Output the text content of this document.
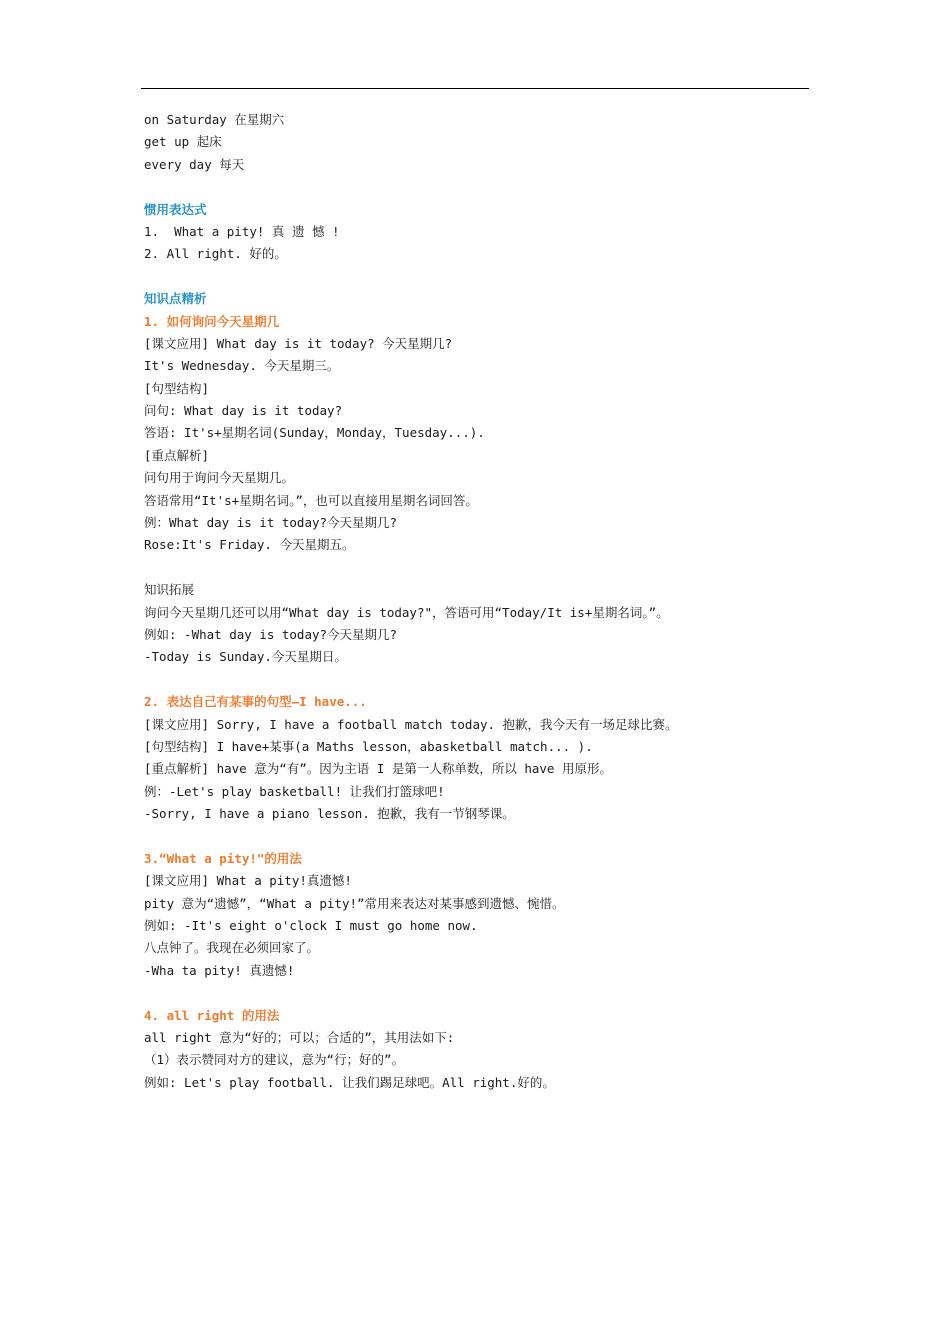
on Saturday 在星期六
get up 起床
every day 每天
惯用表达式
1.  What a pity! 真 遗 憾 !
2. All right. 好的。
知识点精析
1. 如何询问今天星期几
[课文应用] What day is it today? 今天星期几?
It's Wednesday. 今天星期三。
[句型结构]
问句: What day is it today?
答语: It's+星期名词(Sunday，Monday，Tuesday...).
[重点解析]
问句用于询问今天星期几。
答语常用“It's+星期名词。”，也可以直接用星期名词回答。
例：What day is it today?今天星期几?
Rose:It's Friday. 今天星期五。
知识拓展
询问今天星期几还可以用“What day is today?"，答语可用“Today/It is+星期名词。”。
例如: -What day is today?今天星期几?
-Today is Sunday.今天星期日。
2. 表达自己有某事的句型—I have...
[课文应用] Sorry, I have a football match today. 抱歉，我今天有一场足球比赛。
[句型结构] I have+某事(a Maths lesson，abasketball match... ).
[重点解析] have 意为“有”。因为主语 I 是第一人称单数，所以 have 用原形。
例：-Let's play basketball! 让我们打篮球吧!
-Sorry, I have a piano lesson. 抱歉，我有一节钢琴课。
3.“What a pity!"的用法
[课文应用] What a pity!真遗憾!
pity 意为“遗憾”，“What a pity!”常用来表达对某事感到遗憾、惋惜。
例如: -It's eight o'clock I must go home now.
八点钟了。我现在必须回家了。
-Wha ta pity! 真遗憾!
4. all right 的用法
all right 意为“好的；可以；合适的”，其用法如下:
（1）表示赞同对方的建议，意为“行；好的”。
例如: Let's play football. 让我们踢足球吧。All right.好的。
